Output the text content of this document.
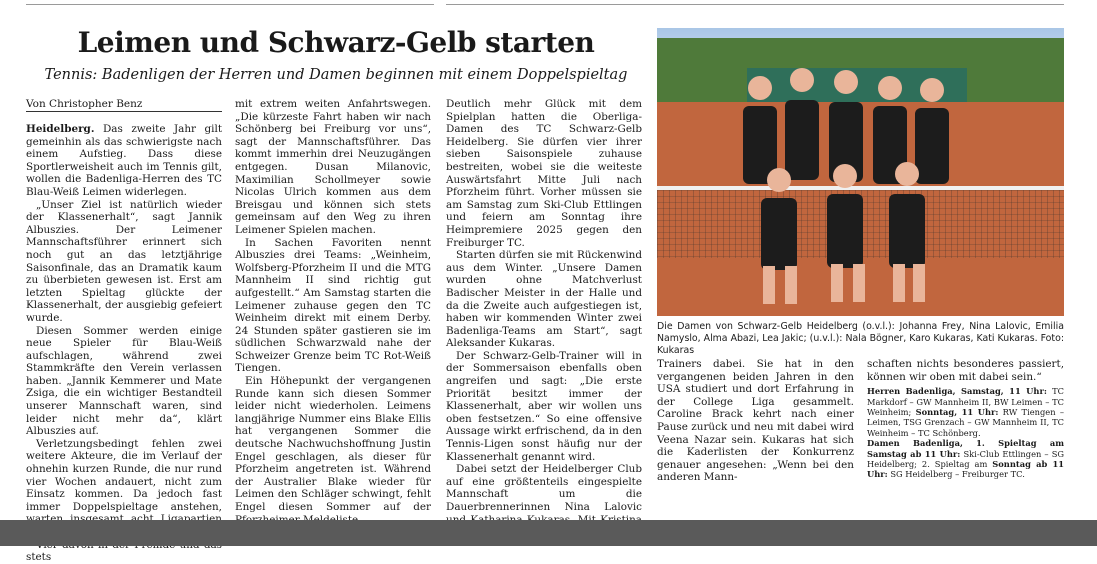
Leimen und Schwarz-Gelb starten

Tennis: Badenligen der Herren und Damen beginnen mit einem Doppelspieltag

Von Christopher Benz

Heidelberg. Das zweite Jahr gilt gemeinhin als das schwierigste nach einem Aufstieg. Dass diese Sportlerweisheit auch im Tennis gilt, wollen die Badenliga-Herren des TC Blau-Weiß Leimen widerlegen.

„Unser Ziel ist natürlich wieder der Klassenerhalt“, sagt Jannik Albuszies. Der Leimener Mannschaftsführer erinnert sich noch gut an das letztjährige Saisonfinale, das an Dramatik kaum zu überbieten gewesen ist. Erst am letzten Spieltag glückte der Klassenerhalt, der ausgiebig gefeiert wurde.

Diesen Sommer werden einige neue Spieler für Blau-Weiß aufschlagen, während zwei Stammkräfte den Verein verlassen haben. „Jannik Kemmerer und Mate Zsiga, die ein wichtiger Bestandteil unserer Mannschaft waren, sind leider nicht mehr da“, klärt Albuszies auf.

Verletzungsbedingt fehlen zwei weitere Akteure, die im Verlauf der ohnehin kurzen Runde, die nur rund vier Wochen andauert, nicht zum Einsatz kommen. Da jedoch fast immer Doppelspieltage anstehen,

stets

mit extrem weiten Anfahrtswegen. „Die kürzeste Fahrt haben wir nach Schönberg bei Freiburg vor uns“, sagt der Mannschaftsführer. Das kommt immerhin drei Neuzugängen entgegen. Dusan Milanovic, Maximilian Schollmeyer sowie Nicolas Ulrich kommen aus dem Breisgau und können sich stets gemeinsam auf den Weg zu ihren Leimener Spielen machen.

In Sachen Favoriten nennt Albuszies drei Teams: „Weinheim, Wolfsberg-Pforzheim II und die MTG Mannheim II sind richtig gut aufgestellt.“ Am Samstag starten die Leimener zuhause gegen den TC Weinheim direkt mit einem Derby. 24 Stunden später gastieren sie im südlichen Schwarzwald nahe der Schweizer Grenze beim TC Rot-Weiß Tiengen.

Ein Höhepunkt der vergangenen Runde kann sich diesen Sommer leider nicht wiederholen. Leimens langjährige Nummer eins Blake Ellis hat vergangenen Sommer die deutsche Nachwuchshoffnung Justin Engel geschlagen, als dieser für Pforzheim angetreten ist. Während der Australier Blake wieder für Leimen den Schläger schwingt, fehlt Engel diesen Sommer auf der

Deutlich mehr Glück mit dem Spielplan hatten die Oberliga-Damen des TC Schwarz-Gelb Heidelberg. Sie dürfen vier ihrer sieben Saisonspiele zuhause bestreiten, wobei sie die weiteste Auswärtsfahrt Mitte Juli nach Pforzheim führt. Vorher müssen sie am Samstag zum Ski-Club Ettlingen und feiern am Sonntag ihre Heimpremiere 2025 gegen den Freiburger TC.

Starten dürfen sie mit Rückenwind aus dem Winter. „Unsere Damen wurden ohne Matchverlust Badischer Meister in der Halle und da die Zweite auch aufgestiegen ist, haben wir kommenden Winter zwei Badenliga-Teams am Start“, sagt Aleksander Kukaras.

Der Schwarz-Gelb-Trainer will in der Sommersaison ebenfalls oben angreifen und sagt: „Die erste Priorität besitzt immer der Klassenerhalt, aber wir wollen uns oben festsetzen.“ So eine offensive Aussage wirkt erfrischend, da in den Tennis-Ligen sonst häufig nur der Klassenerhalt genannt wird.

Dabei setzt der Heidelberger Club auf eine größtenteils eingespielte Mannschaft um die Dauerbrennerinnen Nina Lalovic

Die Damen von Schwarz-Gelb Heidelberg (o.v.l.): Johanna Frey, Nina Lalovic, Emilia Namyslo, Alma Abazi, Lea Jakic; (u.v.l.): Nala Bögner, Karo Kukaras, Kati Kukaras. Foto: Kukaras

Trainers dabei. Sie hat in den vergangenen beiden Jahren in den USA studiert und dort Erfahrung in der College Liga gesammelt. Caroline Brack kehrt nach einer Pause zurück und neu mit dabei wird Veena Nazar sein. Kukaras hat sich die Kaderlisten der Konkurrenz genauer angesehen: „Wenn bei den anderen Mann-

schaften nichts besonderes passiert, können wir oben mit dabei sein.“

Herren Badenliga, Samstag, 11 Uhr: TC Markdorf – GW Mannheim II, BW Leimen – TC Weinheim; Sonntag, 11 Uhr: RW Tiengen – Leimen, TSG Grenzach – GW Mannheim II, TC Weinheim – TC Schönberg.

Damen Badenliga, 1. Spieltag am Samstag ab 11 Uhr: Ski-Club Ettlingen – SG Heidelberg; 2. Spieltag am Sonntag ab 11 Uhr: SG Heidelberg – Freiburger TC.
